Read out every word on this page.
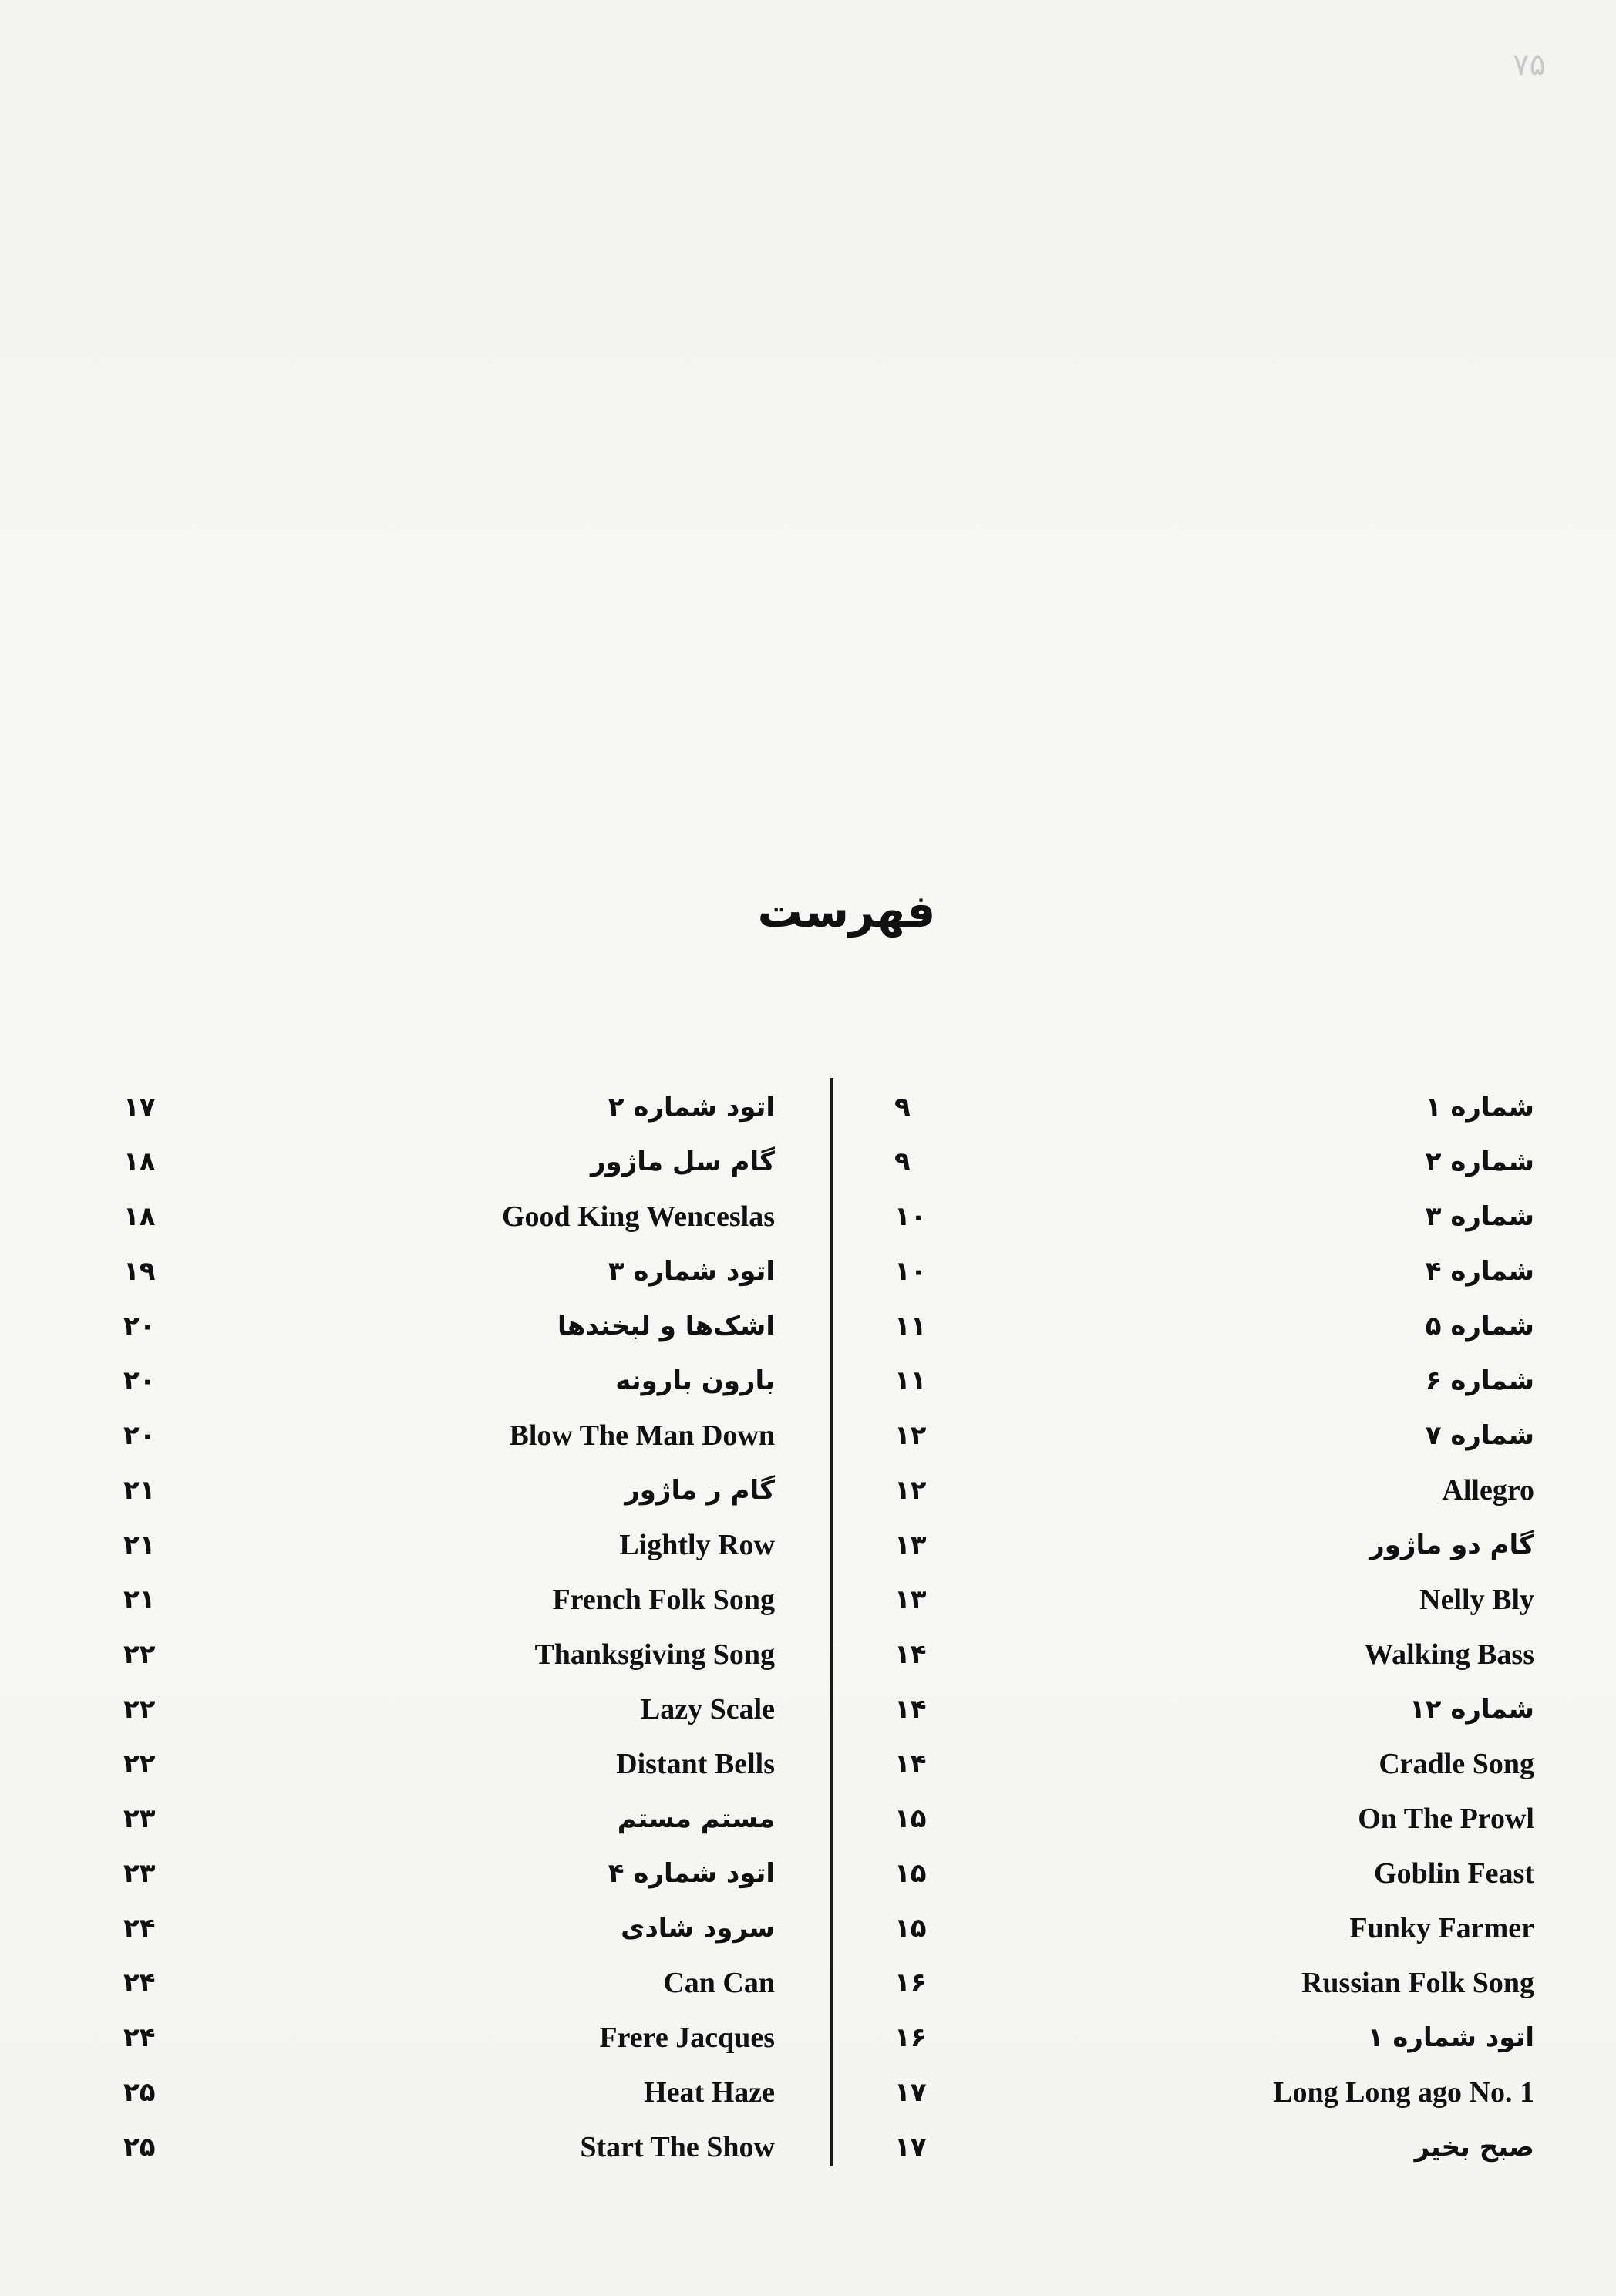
۷۵
فهرست
شماره ۱
۹
شماره ۲
۹
شماره ۳
۱۰
شماره ۴
۱۰
شماره ۵
۱۱
شماره ۶
۱۱
شماره ۷
۱۲
Allegro
۱۲
گام دو ماژور
۱۳
Nelly Bly
۱۳
Walking Bass
۱۴
شماره ۱۲
۱۴
Cradle Song
۱۴
On The Prowl
۱۵
Goblin Feast
۱۵
Funky Farmer
۱۵
Russian Folk Song
۱۶
اتود شماره ۱
۱۶
Long Long ago No. 1
۱۷
صبح بخیر
۱۷
اتود شماره ۲
۱۷
گام سل ماژور
۱۸
Good King Wenceslas
۱۸
اتود شماره ۳
۱۹
اشک‌ها و لبخندها
۲۰
بارون بارونه
۲۰
Blow The Man Down
۲۰
گام ر ماژور
۲۱
Lightly Row
۲۱
French Folk Song
۲۱
Thanksgiving Song
۲۲
Lazy Scale
۲۲
Distant Bells
۲۲
مستم مستم
۲۳
اتود شماره ۴
۲۳
سرود شادی
۲۴
Can Can
۲۴
Frere Jacques
۲۴
Heat Haze
۲۵
Start The Show
۲۵
